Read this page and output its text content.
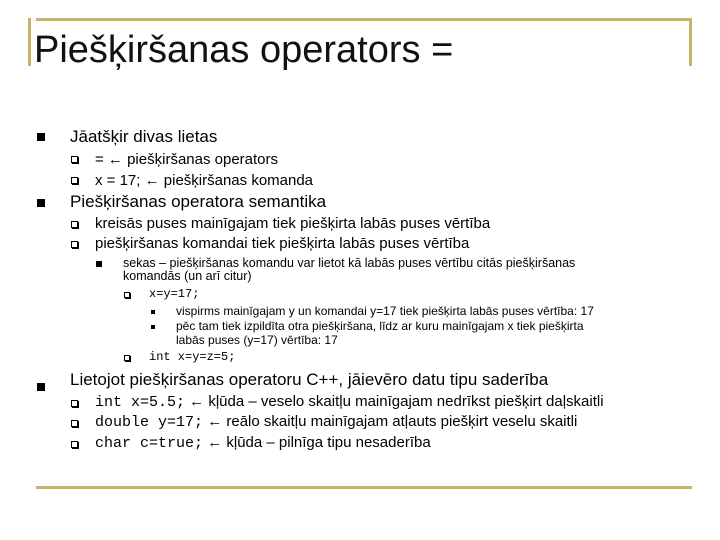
Piešķiršanas operators =
Jāatšķir divas lietas
= ← piešķiršanas operators
x = 17; ← piešķiršanas komanda
Piešķiršanas operatora semantika
kreisās puses mainīgajam tiek piešķirta labās puses vērtība
piešķiršanas komandai tiek piešķirta labās puses vērtība
sekas – piešķiršanas komandu var lietot kā labās puses vērtību citās piešķiršanas
komandās (un arī citur)
x=y=17;
vispirms mainīgajam y un komandai y=17 tiek piešķirta labās puses vērtība: 17
pēc tam tiek izpildīta otra piešķiršana, līdz ar kuru mainīgajam x tiek piešķirta
labās puses (y=17) vērtība: 17
int x=y=z=5;
Lietojot piešķiršanas operatoru C++, jāievēro datu tipu saderība
int x=5.5; ← kļūda – veselo skaitļu mainīgajam nedrīkst piešķirt daļskaitli
double y=17; ← reālo skaitļu mainīgajam atļauts piešķirt veselu skaitli
char c=true; ← kļūda – pilnīga tipu nesaderība
